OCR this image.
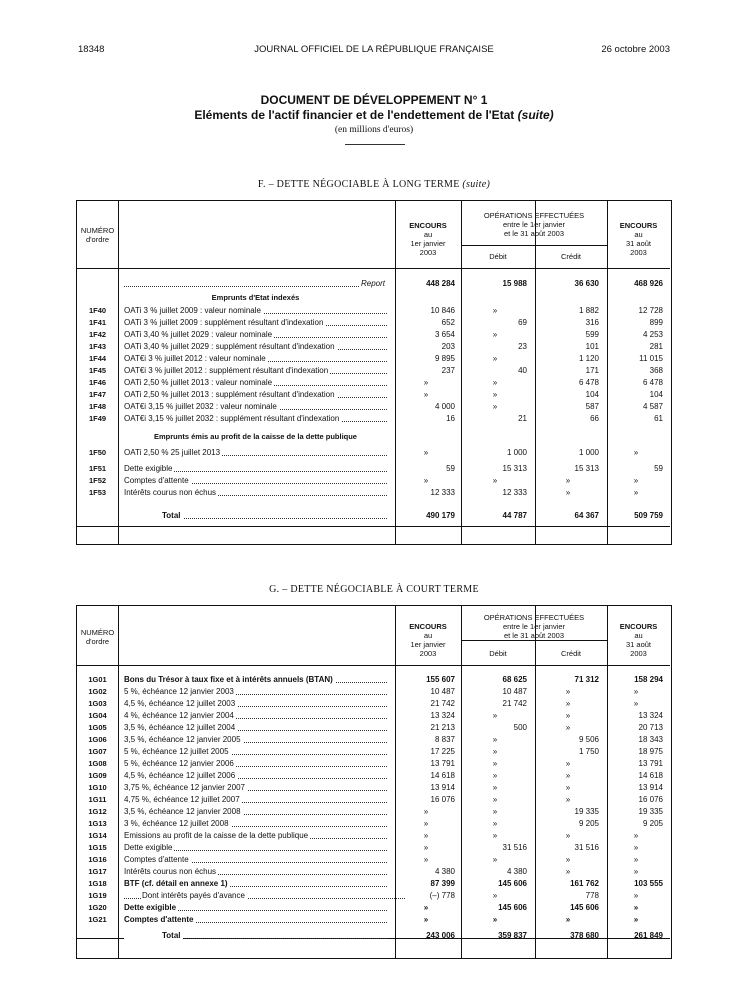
18348	JOURNAL OFFICIEL DE LA RÉPUBLIQUE FRANÇAISE	26 octobre 2003
DOCUMENT DE DÉVELOPPEMENT N° 1
Eléments de l'actif financier et de l'endettement de l'Etat (suite)
(en millions d'euros)
F. – DETTE NÉGOCIABLE À LONG TERME (suite)
NUMÉRO
d'ordre
ENCOURS
au
1er janvier
2003
OPÉRATIONS EFFECTUÉES
entre le 1er janvier
et le 31 août 2003
Débit	Crédit
Report	448 284	15 988	36 630	468 926
Emprunts d'Etat indexés
1F40	OATi 3 % juillet 2009 : valeur nominale	10 846	»	1 882	12 728
1F41	OATi 3 % juillet 2009 : supplément résultant d'indexation	652	69	316	899
1F42	OATi 3,40 % juillet 2029 : valeur nominale	3 654	»	599	4 253
1F43	OATi 3,40 % juillet 2029 : supplément résultant d'indexation	203	23	101	281
1F44	OAT€i 3 % juillet 2012 : valeur nominale	9 895	»	1 120	11 015
1F45	OAT€i 3 % juillet 2012 : supplément résultant d'indexation	237	40	171	368
1F46	OATi 2,50 % juillet 2013 : valeur nominale	»	»	6 478	6 478
1F47	OATi 2,50 % juillet 2013 : supplément résultant d'indexation	»	»	104	104
1F48	OAT€i 3,15 % juillet 2032 : valeur nominale	4 000	»	587	4 587
1F49	OAT€i 3,15 % juillet 2032 : supplément résultant d'indexation	16	21	66	61
Emprunts émis au profit de la caisse de la dette publique
1F50	OATi 2,50 % 25 juillet 2013	»	1 000	1 000	»
1F51	Dette exigible	59	15 313	15 313	59
1F52	Comptes d'attente	»	»	»	»
1F53	Intérêts courus non échus	12 333	12 333	»	»
Total	490 179	44 787	64 367	509 759
ENCOURS
au
31 août
2003
G. – DETTE NÉGOCIABLE À COURT TERME
NUMÉRO
d'ordre
ENCOURS
au
1er janvier
2003
OPÉRATIONS EFFECTUÉES
entre le 1er janvier
et le 31 août 2003
Débit	Crédit
1G01	Bons du Trésor à taux fixe et à intérêts annuels (BTAN)	155 607	68 625	71 312	158 294
1G02	5 %, échéance 12 janvier 2003	10 487	10 487	»	»
1G03	4,5 %, échéance 12 juillet 2003	21 742	21 742	»	»
1G04	4 %, échéance 12 janvier 2004	13 324	»	»	13 324
1G05	3,5 %, échéance 12 juillet 2004	21 213	500	»	20 713
1G06	3,5 %, échéance 12 janvier 2005	8 837	»	9 506	18 343
1G07	5 %, échéance 12 juillet 2005	17 225	»	1 750	18 975
1G08	5 %, échéance 12 janvier 2006	13 791	»	»	13 791
1G09	4,5 %, échéance 12 juillet 2006	14 618	»	»	14 618
1G10	3,75 %, échéance 12 janvier 2007	13 914	»	»	13 914
1G11	4,75 %, échéance 12 juillet 2007	16 076	»	»	16 076
1G12	3,5 %, échéance 12 janvier 2008	»	»	19 335	19 335
1G13	3 %, échéance 12 juillet 2008	»	»	9 205	9 205
1G14	Emissions au profit de la caisse de la dette publique	»	»	»	»
1G15	Dette exigible	»	31 516	31 516	»
1G16	Comptes d'attente	»	»	»	»
1G17	Intérêts courus non échus	4 380	4 380	»	»
1G18	BTF (cf. détail en annexe 1)	87 399	145 606	161 762	103 555
1G19	Dont intérêts payés d'avance	(–) 778	»	778	»
1G20	Dette exigible	»	145 606	145 606	»
1G21	Comptes d'attente	»	»	»	»
Total	243 006	359 837	378 680	261 849
ENCOURS
au
31 août
2003
